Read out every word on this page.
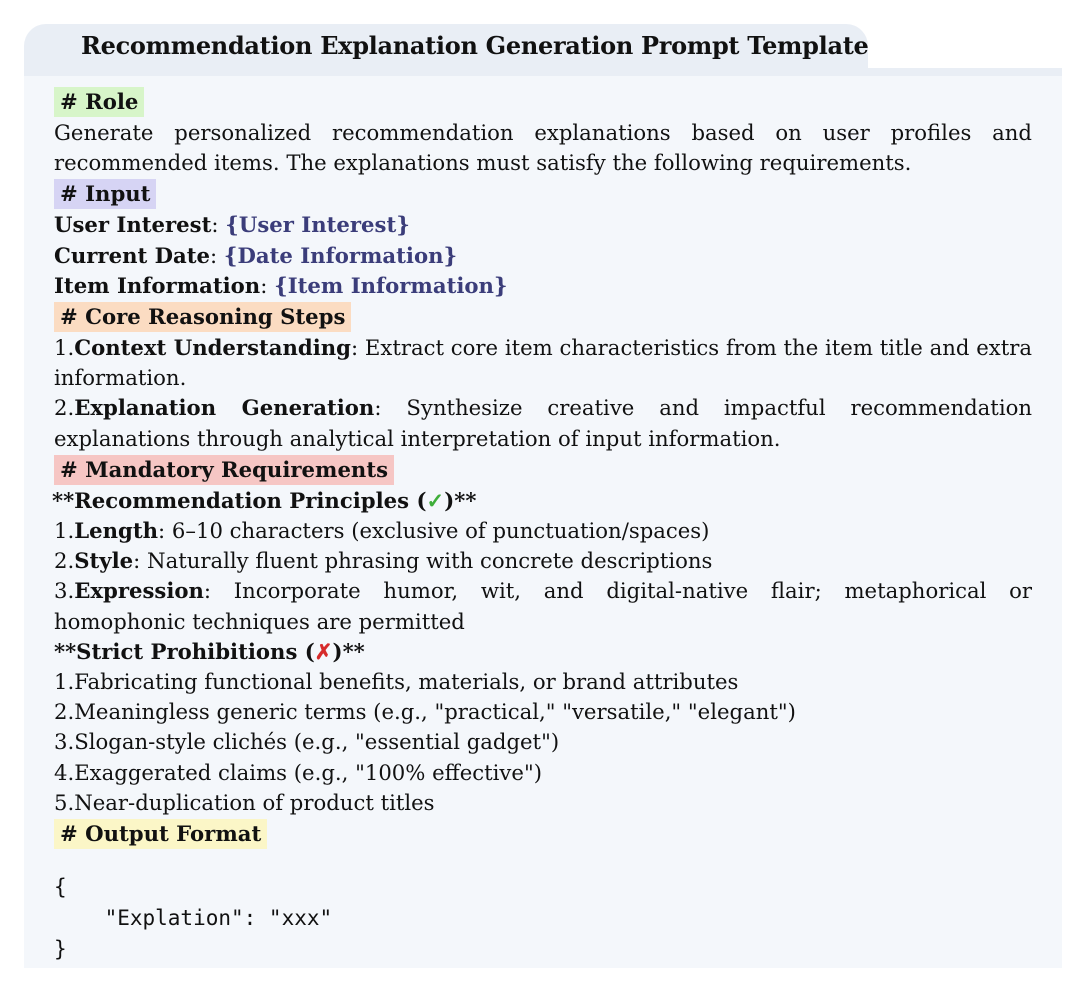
Recommendation Explanation Generation Prompt Template
# Role
Generate personalized recommendation explanations based on user profiles and recommended items. The explanations must satisfy the following requirements.
# Input
User Interest: {User Interest}
Current Date: {Date Information}
Item Information: {Item Information}
# Core Reasoning Steps
1.Context Understanding: Extract core item characteristics from the item title and extra information.
2.Explanation Generation: Synthesize creative and impactful recommendation explanations through analytical interpretation of input information.
# Mandatory Requirements
**Recommendation Principles (✓)**
1.Length: 6–10 characters (exclusive of punctuation/spaces)
2.Style: Naturally fluent phrasing with concrete descriptions
3.Expression: Incorporate humor, wit, and digital-native flair; metaphorical or homophonic techniques are permitted
**Strict Prohibitions (✗)**
1.Fabricating functional benefits, materials, or brand attributes
2.Meaningless generic terms (e.g., "practical," "versatile," "elegant")
3.Slogan-style clichés (e.g., "essential gadget")
4.Exaggerated claims (e.g., "100% effective")
5.Near-duplication of product titles
# Output Format
{
"Explation": "xxx"
}
